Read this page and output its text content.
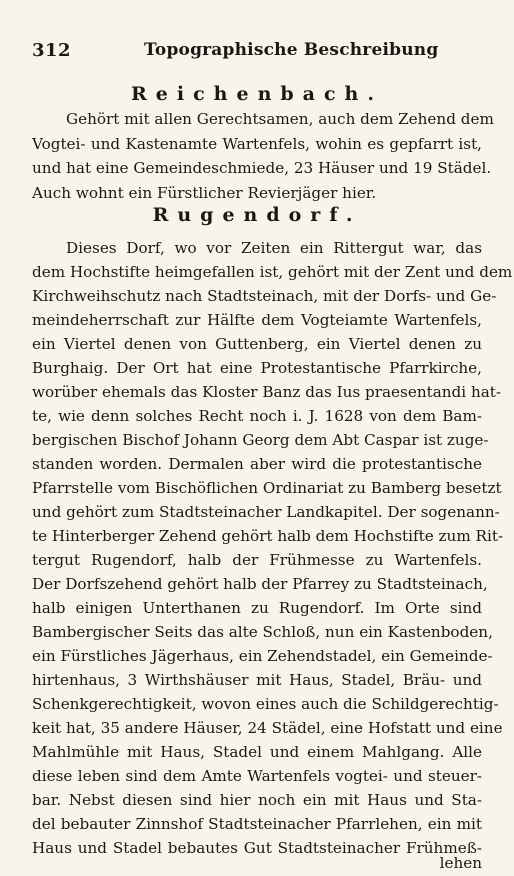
312	Topographische Beschreibung
Reichenbach.
Gehört mit allen Gerechtsamen, auch dem Zehend dem
Vogtei- und Kastenamte Wartenfels, wohin es gepfarrt ist,
und hat eine Gemeindeschmiede, 23 Häuser und 19 Städel.
Auch wohnt ein Fürstlicher Revierjäger hier.
Rugendorf.
Dieses Dorf, wo vor Zeiten ein Rittergut war, das
dem Hochstifte heimgefallen ist, gehört mit der Zent und dem
Kirchweihschutz nach Stadtsteinach, mit der Dorfs- und Ge-
meindeherrschaft zur Hälfte dem Vogteiamte Wartenfels,
ein Viertel denen von Guttenberg, ein Viertel denen zu
Burghaig. Der Ort hat eine Protestantische Pfarrkirche,
worüber ehemals das Kloster Banz das Ius praesentandi hat-
te, wie denn solches Recht noch i. J. 1628 von dem Bam-
bergischen Bischof Johann Georg dem Abt Caspar ist zuge-
standen worden. Dermalen aber wird die protestantische
Pfarrstelle vom Bischöflichen Ordinariat zu Bamberg besetzt
und gehört zum Stadtsteinacher Landkapitel. Der sogenann-
te Hinterberger Zehend gehört halb dem Hochstifte zum Rit-
tergut Rugendorf, halb der Frühmesse zu Wartenfels.
Der Dorfszehend gehört halb der Pfarrey zu Stadtsteinach,
halb einigen Unterthanen zu Rugendorf. Im Orte sind
Bambergischer Seits das alte Schloß, nun ein Kastenboden,
ein Fürstliches Jägerhaus, ein Zehendstadel, ein Gemeinde-
hirtenhaus, 3 Wirthshäuser mit Haus, Stadel, Bräu- und
Schenkgerechtigkeit, wovon eines auch die Schildgerechtig-
keit hat, 35 andere Häuser, 24 Städel, eine Hofstatt und eine
Mahlmühle mit Haus, Stadel und einem Mahlgang. Alle
diese leben sind dem Amte Wartenfels vogtei- und steuer-
bar. Nebst diesen sind hier noch ein mit Haus und Sta-
del bebauter Zinnshof Stadtsteinacher Pfarrlehen, ein mit
Haus und Stadel bebautes Gut Stadtsteinacher Frühmeß-
lehen
